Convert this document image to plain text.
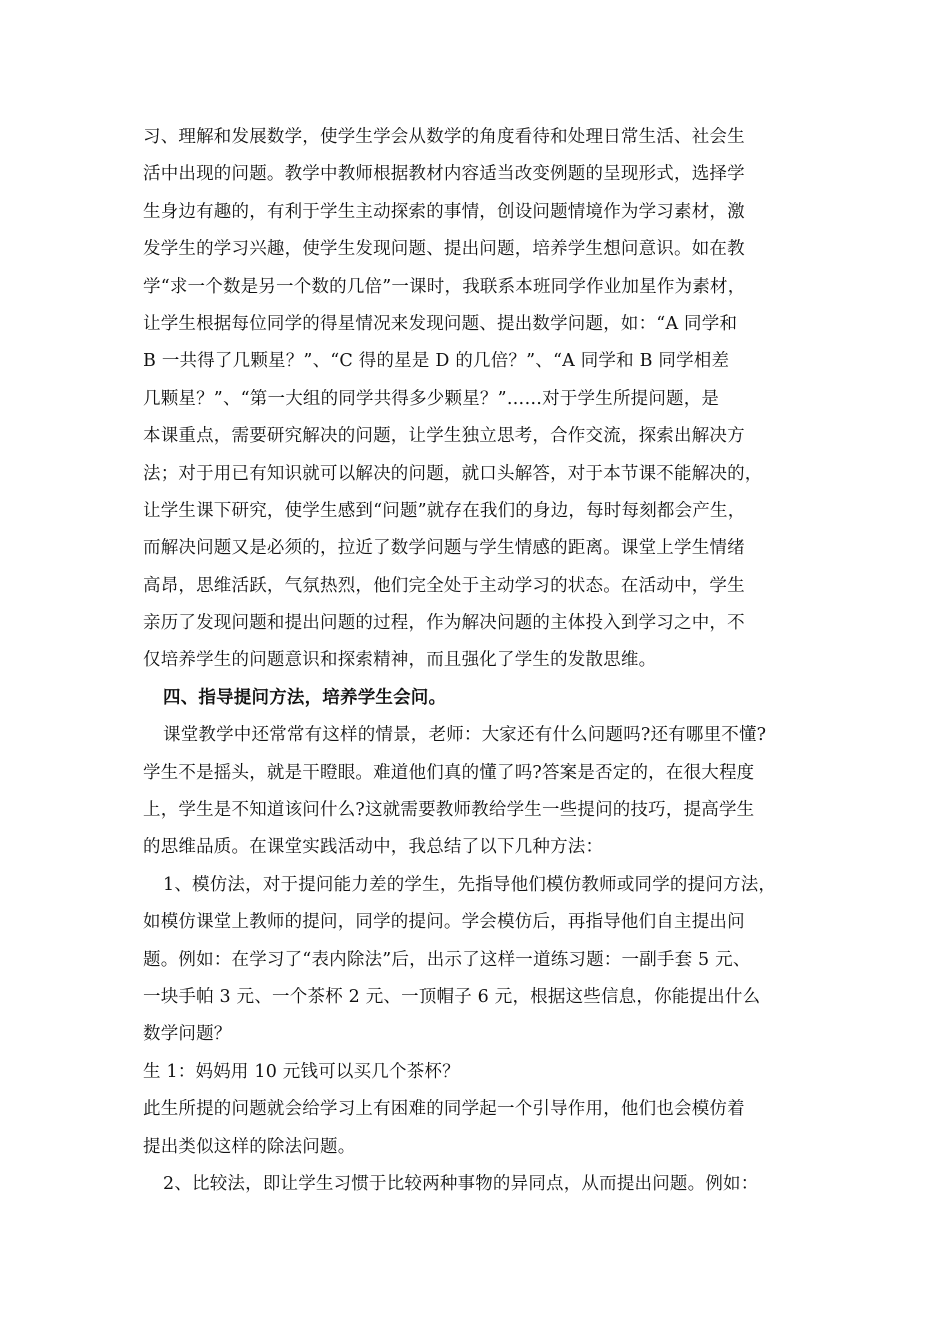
习、理解和发展数学，使学生学会从数学的角度看待和处理日常生活、社会生
活中出现的问题。教学中教师根据教材内容适当改变例题的呈现形式，选择学
生身边有趣的，有利于学生主动探索的事情，创设问题情境作为学习素材，激
发学生的学习兴趣，使学生发现问题、提出问题，培养学生想问意识。如在教
学“求一个数是另一个数的几倍”一课时，我联系本班同学作业加星作为素材，
让学生根据每位同学的得星情况来发现问题、提出数学问题，如：“A 同学和
B 一共得了几颗星？”、“C 得的星是 D 的几倍？”、“A 同学和 B 同学相差
几颗星？”、“第一大组的同学共得多少颗星？”……对于学生所提问题，是
本课重点，需要研究解决的问题，让学生独立思考，合作交流，探索出解决方
法；对于用已有知识就可以解决的问题，就口头解答，对于本节课不能解决的，
让学生课下研究，使学生感到“问题”就存在我们的身边，每时每刻都会产生，
而解决问题又是必须的，拉近了数学问题与学生情感的距离。课堂上学生情绪
高昂，思维活跃，气氛热烈，他们完全处于主动学习的状态。在活动中，学生
亲历了发现问题和提出问题的过程，作为解决问题的主体投入到学习之中，不
仅培养学生的问题意识和探索精神，而且强化了学生的发散思维。
四、指导提问方法，培养学生会问。
课堂教学中还常常有这样的情景，老师：大家还有什么问题吗?还有哪里不懂?
学生不是摇头，就是干瞪眼。难道他们真的懂了吗?答案是否定的，在很大程度
上，学生是不知道该问什么?这就需要教师教给学生一些提问的技巧，提高学生
的思维品质。在课堂实践活动中，我总结了以下几种方法：
1、模仿法，对于提问能力差的学生，先指导他们模仿教师或同学的提问方法，
如模仿课堂上教师的提问，同学的提问。学会模仿后，再指导他们自主提出问
题。例如：在学习了“表内除法”后，出示了这样一道练习题：一副手套 5 元、
一块手帕 3 元、一个茶杯 2 元、一顶帽子 6 元，根据这些信息，你能提出什么
数学问题？
生 1：妈妈用 10 元钱可以买几个茶杯？
此生所提的问题就会给学习上有困难的同学起一个引导作用，他们也会模仿着
提出类似这样的除法问题。
2、比较法，即让学生习惯于比较两种事物的异同点，从而提出问题。例如：
